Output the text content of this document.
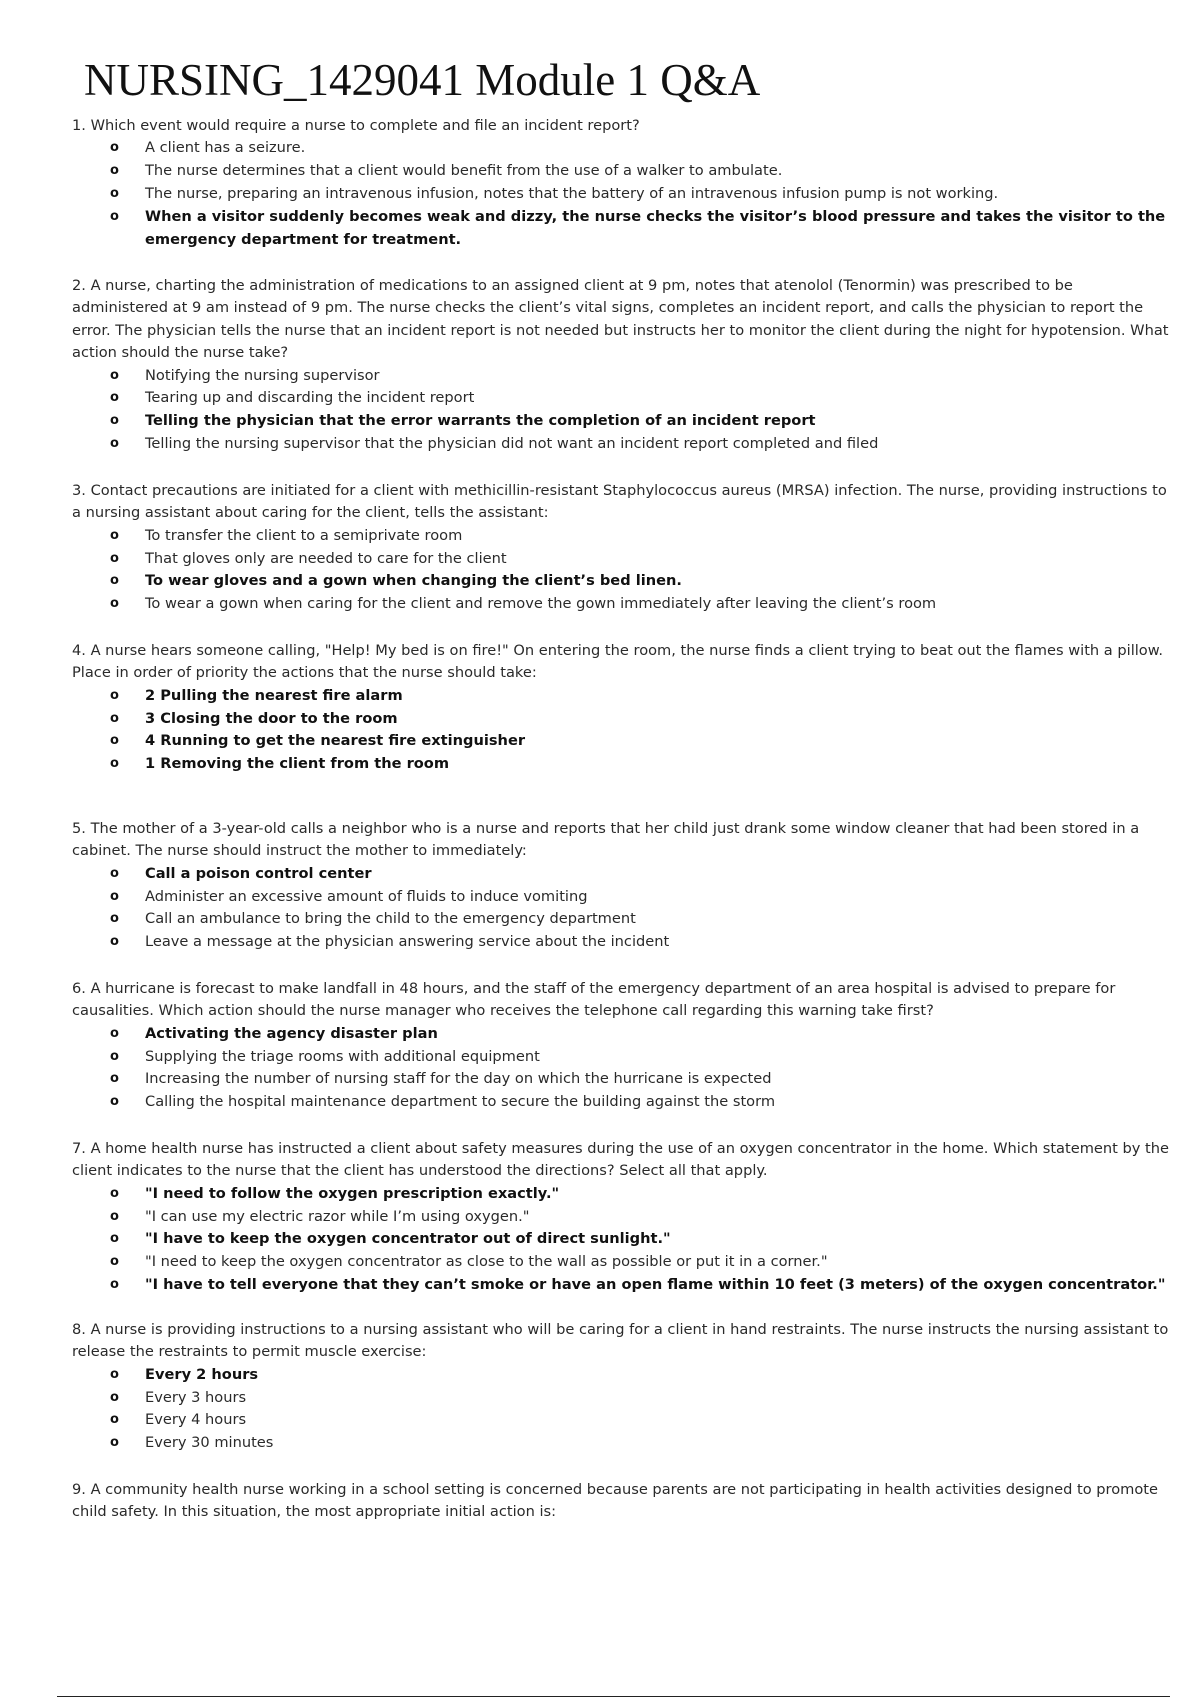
NURSING_1429041 Module 1 Q&A

1. Which event would require a nurse to complete and file an incident report?

o A client has a seizure.
o The nurse determines that a client would benefit from the use of a walker to ambulate.
o The nurse, preparing an intravenous infusion, notes that the battery of an intravenous infusion pump is not working.
o When a visitor suddenly becomes weak and dizzy, the nurse checks the visitor’s blood pressure and takes the visitor to the emergency department for treatment.

2. A nurse, charting the administration of medications to an assigned client at 9 pm, notes that atenolol (Tenormin) was prescribed to be administered at 9 am instead of 9 pm. The nurse checks the client’s vital signs, completes an incident report, and calls the physician to report the error. The physician tells the nurse that an incident report is not needed but instructs her to monitor the client during the night for hypotension. What action should the nurse take?

o Notifying the nursing supervisor
o Tearing up and discarding the incident report
o Telling the physician that the error warrants the completion of an incident report
o Telling the nursing supervisor that the physician did not want an incident report completed and filed

3. Contact precautions are initiated for a client with methicillin-resistant Staphylococcus aureus (MRSA) infection. The nurse, providing instructions to a nursing assistant about caring for the client, tells the assistant:

o To transfer the client to a semiprivate room
o That gloves only are needed to care for the client
o To wear gloves and a gown when changing the client’s bed linen.
o To wear a gown when caring for the client and remove the gown immediately after leaving the client’s room

4. A nurse hears someone calling, "Help! My bed is on fire!" On entering the room, the nurse finds a client trying to beat out the flames with a pillow. Place in order of priority the actions that the nurse should take:

o 2 Pulling the nearest fire alarm
o 3 Closing the door to the room
o 4 Running to get the nearest fire extinguisher
o 1 Removing the client from the room

5. The mother of a 3-year-old calls a neighbor who is a nurse and reports that her child just drank some window cleaner that had been stored in a cabinet. The nurse should instruct the mother to immediately:

o Call a poison control center
o Administer an excessive amount of fluids to induce vomiting
o Call an ambulance to bring the child to the emergency department
o Leave a message at the physician answering service about the incident

6. A hurricane is forecast to make landfall in 48 hours, and the staff of the emergency department of an area hospital is advised to prepare for causalities. Which action should the nurse manager who receives the telephone call regarding this warning take first?

o Activating the agency disaster plan
o Supplying the triage rooms with additional equipment
o Increasing the number of nursing staff for the day on which the hurricane is expected
o Calling the hospital maintenance department to secure the building against the storm

7. A home health nurse has instructed a client about safety measures during the use of an oxygen concentrator in the home. Which statement by the client indicates to the nurse that the client has understood the directions? Select all that apply.

o "I need to follow the oxygen prescription exactly."
o "I can use my electric razor while I’m using oxygen."
o "I have to keep the oxygen concentrator out of direct sunlight."
o "I need to keep the oxygen concentrator as close to the wall as possible or put it in a corner."
o "I have to tell everyone that they can’t smoke or have an open flame within 10 feet (3 meters) of the oxygen concentrator."

8. A nurse is providing instructions to a nursing assistant who will be caring for a client in hand restraints. The nurse instructs the nursing assistant to release the restraints to permit muscle exercise:

o Every 2 hours
o Every 3 hours
o Every 4 hours
o Every 30 minutes

9. A community health nurse working in a school setting is concerned because parents are not participating in health activities designed to promote child safety. In this situation, the most appropriate initial action is:
